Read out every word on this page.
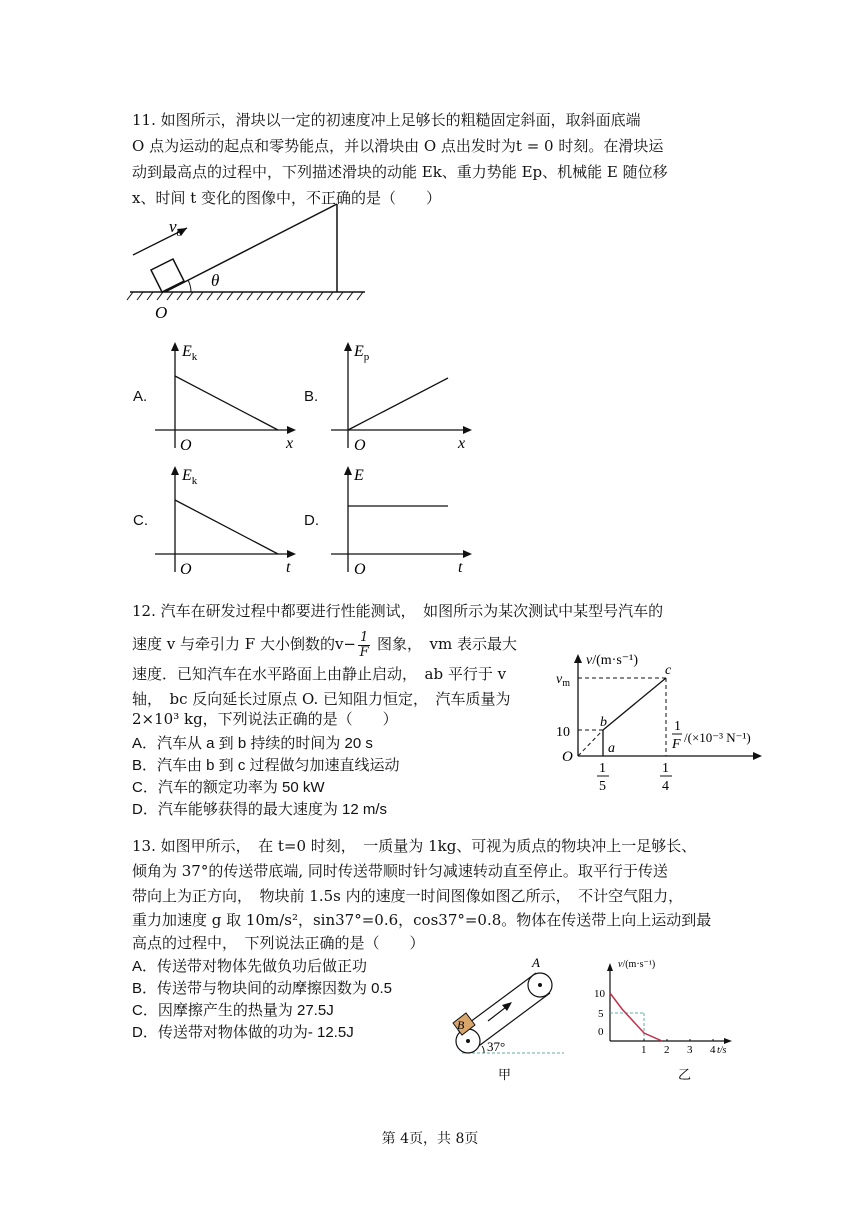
11. 如图所示，滑块以一定的初速度冲上足够长的粗糙固定斜面，取斜面底端
O 点为运动的起点和零势能点，并以滑块由 O 点出发时为t = 0 时刻。在滑块运
动到最高点的过程中，下列描述滑块的动能 Ek、重力势能 Ep、机械能 E 随位移
x、时间 t 变化的图像中，不正确的是（　　）
$v_0$
θ
O
A.
$E_k$
O	x
B.
$E_p$
O	x
C.
$E_k$
O	t
D.
E
O	t
12. 汽车在研发过程中都要进行性能测试，　如图所示为某次测试中某型号汽车的
速度 v 与牵引力 F 大小倒数的$v- \frac{1}{F}$ 图象，　vm 表示最大
速度．已知汽车在水平路面上由静止启动，　ab 平行于 v
轴，　bc 反向延长过原点 O. 已知阻力恒定，　汽车质量为
2×10³ kg，下列说法正确的是（　　）
A．汽车从 a 到 b 持续的时间为 20 s
B．汽车由 b 到 c 过程做匀加速直线运动
C．汽车的额定功率为 50 kW
D．汽车能够获得的最大速度为 12 m/s
v/(m·s⁻¹)
$v_m$
10
O
a
b
c
1
F /(×10⁻³ N⁻¹)
1
5
1
4
13. 如图甲所示，　在 t=0 时刻，　一质量为 1kg、可视为质点的物块冲上一足够长、
倾角为 37°的传送带底端, 同时传送带顺时针匀减速转动直至停止。取平行于传送
带向上为正方向，　物块前 1.5s 内的速度一时间图像如图乙所示，　不计空气阻力，
重力加速度 g 取 10m/s²，sin37°=0.6，cos37°=0.8。物体在传送带上向上运动到最
高点的过程中，　下列说法正确的是（　　）
A．传送带对物体先做负功后做正功
B．传送带与物块间的动摩擦因数为 0.5
C．因摩擦产生的热量为 27.5J
D．传送带对物体做的功为- 12.5J	B
A
37°
甲
v/(m·s⁻¹)
10
5
0
1 2 3 4 t/s
乙
第 4页，共 8页
